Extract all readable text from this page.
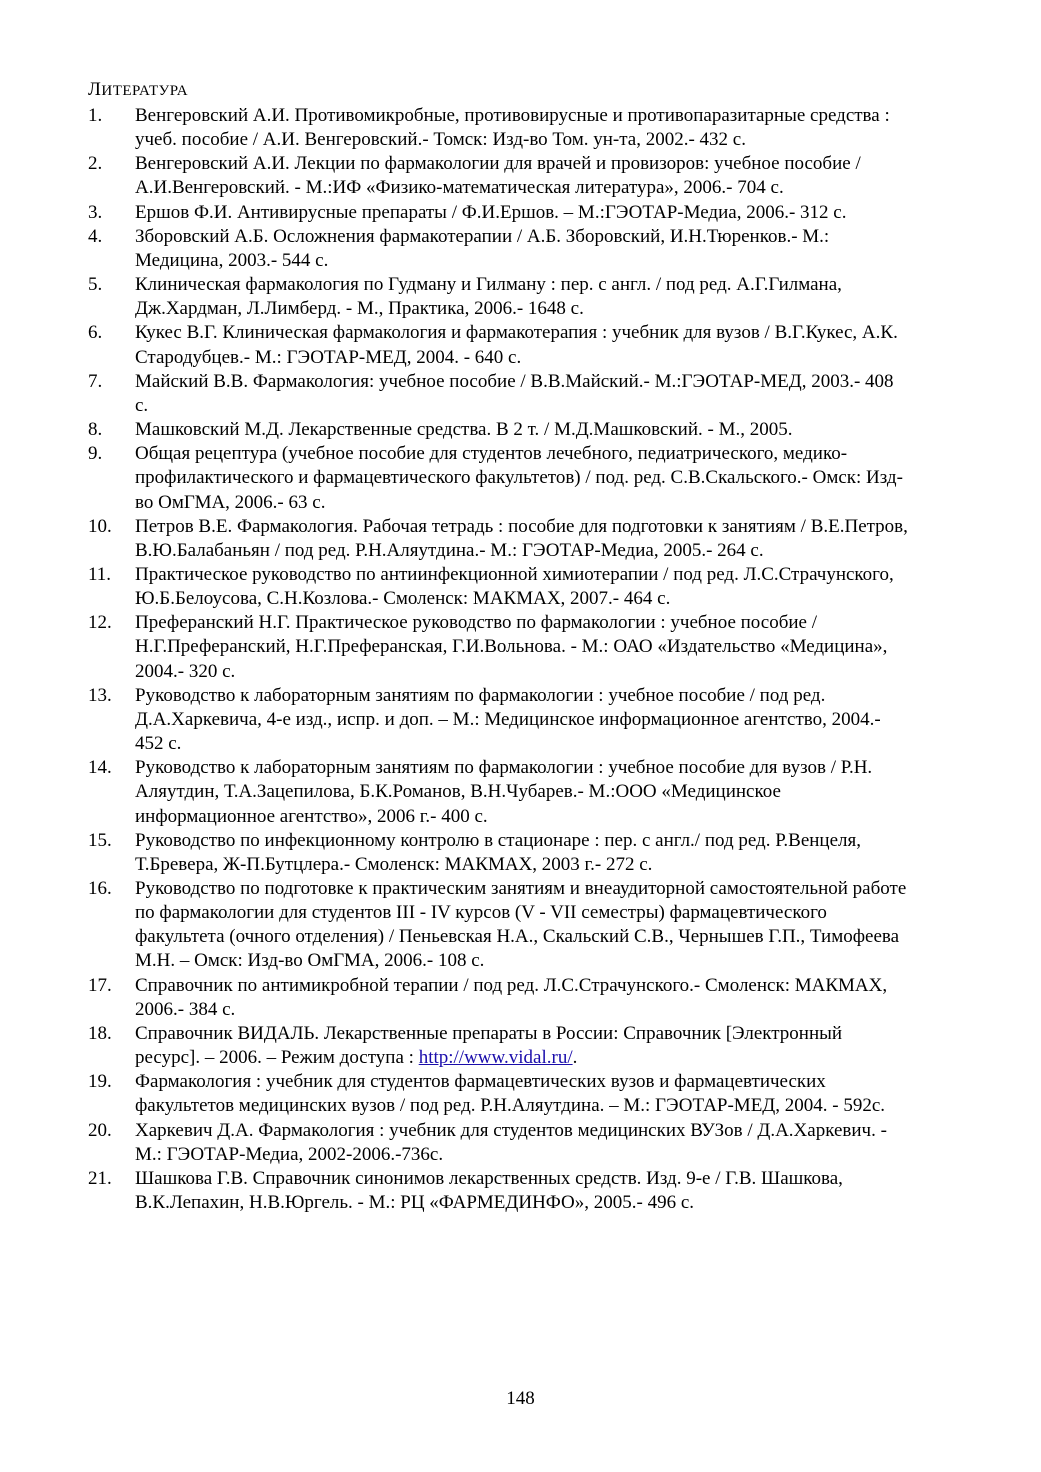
ЛИТЕРАТУРА
1. Венгеровский А.И. Противомикробные, противовирусные и противопаразитарные средства : учеб. пособие / А.И. Венгеровский.- Томск: Изд-во Том. ун-та, 2002.- 432 с.
2. Венгеровский А.И. Лекции по фармакологии для врачей и провизоров: учебное пособие / А.И.Венгеровский. - М.:ИФ «Физико-математическая литература», 2006.- 704 с.
3. Ершов Ф.И. Антивирусные препараты / Ф.И.Ершов. – М.:ГЭОТАР-Медиа, 2006.- 312 с.
4. Зборовский А.Б. Осложнения фармакотерапии / А.Б. Зборовский, И.Н.Тюренков.- М.: Медицина, 2003.- 544 с.
5. Клиническая фармакология по Гудману и Гилману : пер. с англ. / под ред. А.Г.Гилмана, Дж.Хардман, Л.Лимберд. - М., Практика, 2006.- 1648 с.
6. Кукес В.Г. Клиническая фармакология и фармакотерапия : учебник для вузов / В.Г.Кукес, А.К. Стародубцев.- М.: ГЭОТАР-МЕД, 2004. - 640 с.
7. Майский В.В. Фармакология: учебное пособие / В.В.Майский.- М.:ГЭОТАР-МЕД, 2003.- 408 с.
8. Машковский М.Д. Лекарственные средства. В 2 т. / М.Д.Машковский. - М., 2005.
9. Общая рецептура (учебное пособие для студентов лечебного, педиатрического, медико-профилактического и фармацевтического факультетов) / под. ред. С.В.Скальского.- Омск: Изд-во ОмГМА, 2006.- 63 с.
10. Петров В.Е. Фармакология. Рабочая тетрадь : пособие для подготовки к занятиям / В.Е.Петров, В.Ю.Балабаньян / под ред. Р.Н.Аляутдина.- М.: ГЭОТАР-Медиа, 2005.- 264 с.
11. Практическое руководство по антиинфекционной химиотерапии / под ред. Л.С.Страчунского, Ю.Б.Белоусова, С.Н.Козлова.- Смоленск: МАКМАХ, 2007.- 464 с.
12. Преферанский Н.Г. Практическое руководство по фармакологии : учебное пособие / Н.Г.Преферанский, Н.Г.Преферанская, Г.И.Вольнова. - М.: ОАО «Издательство «Медицина», 2004.- 320 с.
13. Руководство к лабораторным занятиям по фармакологии : учебное пособие / под ред. Д.А.Харкевича, 4-е изд., испр. и доп. – М.: Медицинское информационное агентство, 2004.- 452 с.
14. Руководство к лабораторным занятиям по фармакологии : учебное пособие для вузов / Р.Н. Аляутдин, Т.А.Зацепилова, Б.К.Романов, В.Н.Чубарев.- М.:ООО «Медицинское информационное агентство», 2006 г.- 400 с.
15. Руководство по инфекционному контролю в стационаре : пер. с англ./ под ред. Р.Венцеля, Т.Бревера, Ж-П.Бутцлера.- Смоленск: МАКМАХ, 2003 г.- 272 с.
16. Руководство по подготовке к практическим занятиям и внеаудиторной самостоятельной работе по фармакологии для студентов III - IV курсов (V - VII семестры) фармацевтического факультета (очного отделения) / Пеньевская Н.А., Скальский С.В., Чернышев Г.П., Тимофеева М.Н. – Омск: Изд-во ОмГМА, 2006.- 108 с.
17. Справочник по антимикробной терапии / под ред. Л.С.Страчунского.- Смоленск: МАКМАХ, 2006.- 384 с.
18. Справочник ВИДАЛЬ. Лекарственные препараты в России: Справочник [Электронный ресурс]. – 2006. – Режим доступа : http://www.vidal.ru/.
19. Фармакология : учебник для студентов фармацевтических вузов и фармацевтических факультетов медицинских вузов / под ред. Р.Н.Аляутдина. – М.: ГЭОТАР-МЕД, 2004. - 592с.
20. Харкевич Д.А. Фармакология : учебник для студентов медицинских ВУЗов / Д.А.Харкевич. - М.: ГЭОТАР-Медиа, 2002-2006.-736с.
21. Шашкова Г.В. Справочник синонимов лекарственных средств. Изд. 9-е / Г.В. Шашкова, В.К.Лепахин, Н.В.Юргель. - М.: РЦ «ФАРМЕДИНФО», 2005.- 496 с.
148
